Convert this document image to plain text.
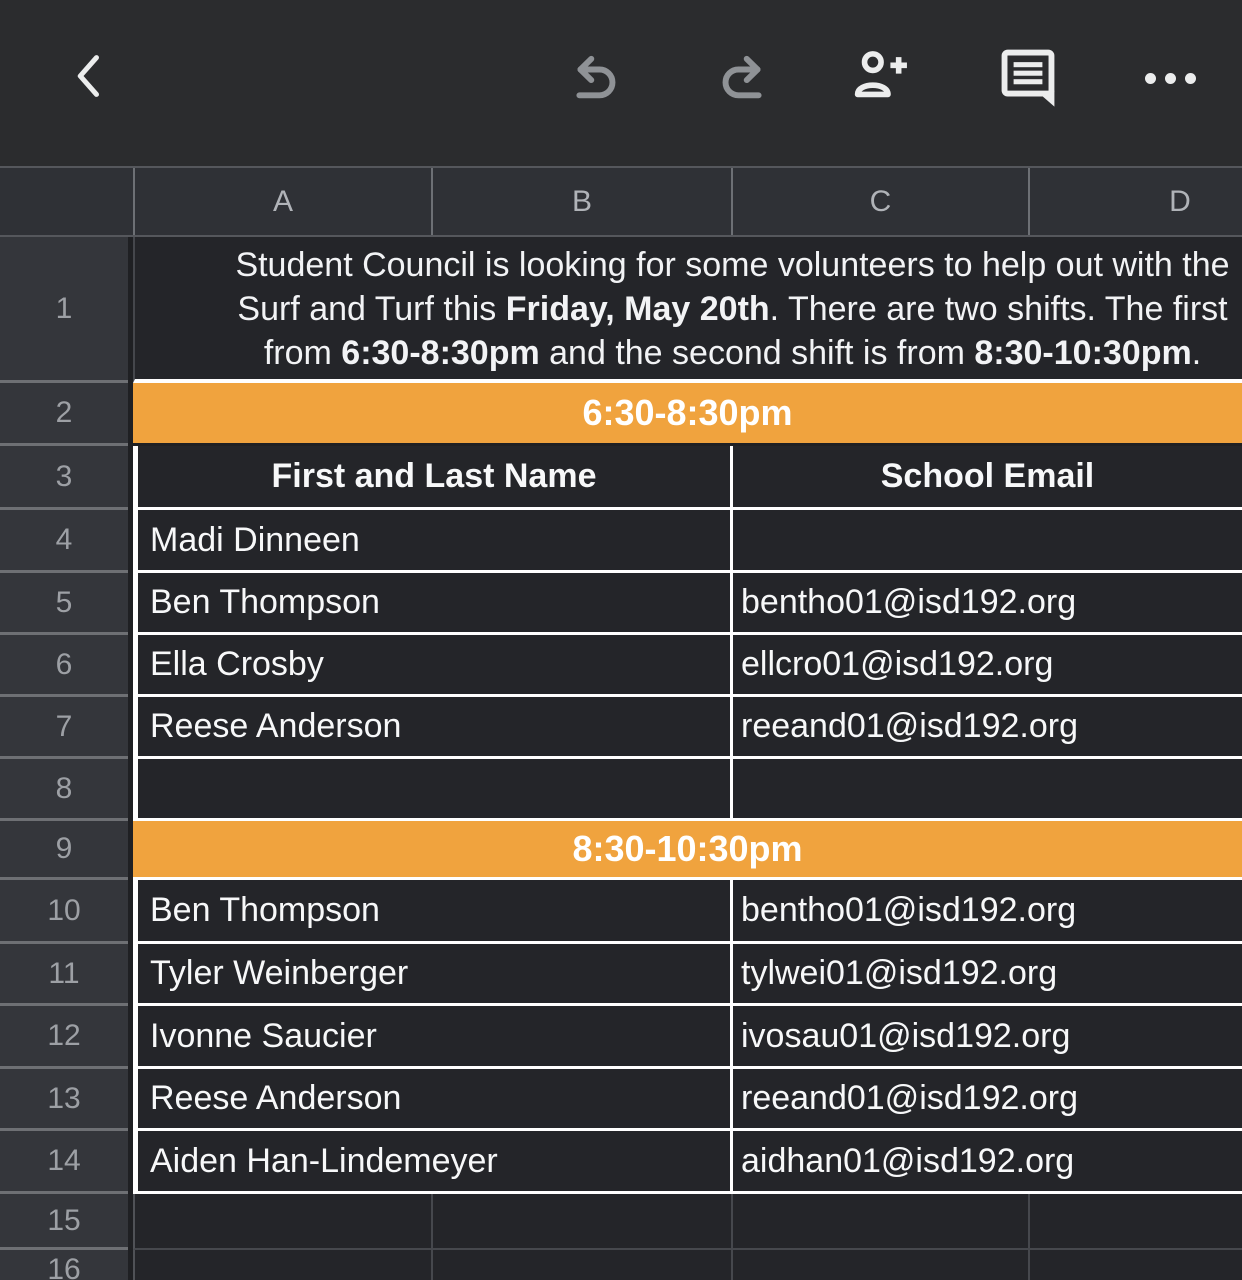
A	B	C	D
1
Student Council is looking for some volunteers to help out with the
Surf and Turf this Friday, May 20th. There are two shifts. The first
from 6:30-8:30pm and the second shift is from 8:30-10:30pm.
2	6:30-8:30pm
3	First and Last Name	School Email
4	Madi Dinneen
5	Ben Thompson	bentho01@isd192.org
6	Ella Crosby	ellcro01@isd192.org
7	Reese Anderson	reeand01@isd192.org
8
9	8:30-10:30pm
10	Ben Thompson	bentho01@isd192.org
11	Tyler Weinberger	tylwei01@isd192.org
12	Ivonne Saucier	ivosau01@isd192.org
13	Reese Anderson	reeand01@isd192.org
14	Aiden Han-Lindemeyer	aidhan01@isd192.org
15
16
